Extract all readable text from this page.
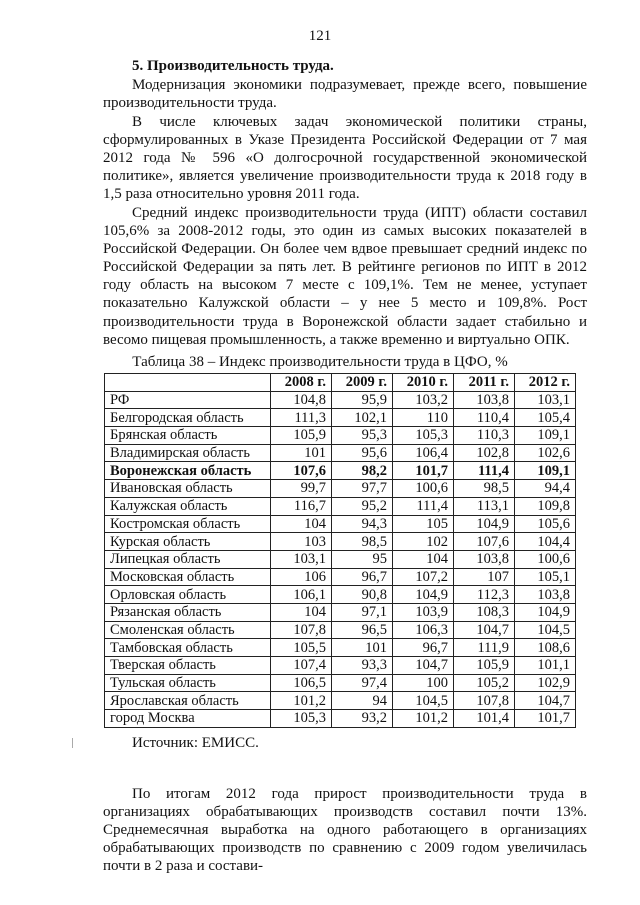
121
5. Производительность труда.

Модернизация экономики подразумевает, прежде всего, повышение производительности труда.

В числе ключевых задач экономической политики страны, сформулированных в Указе Президента Российской Федерации от 7 мая 2012 года № 596 «О долгосрочной государственной экономической политике», является увеличение производительности труда к 2018 году в 1,5 раза относительно уровня 2011 года.

Средний индекс производительности труда (ИПТ) области составил 105,6% за 2008-2012 годы, это один из самых высоких показателей в Российской Федерации. Он более чем вдвое превышает средний индекс по Российской Федерации за пять лет. В рейтинге регионов по ИПТ в 2012 году область на высоком 7 месте с 109,1%. Тем не менее, уступает показательно Калужской области – у нее 5 место и 109,8%. Рост производительности труда в Воронежской области задает стабильно и весомо пищевая промышленность, а также временно и виртуально ОПК.

Таблица 38 – Индекс производительности труда в ЦФО, %
	2008 г.	2009 г.	2010 г.	2011 г.	2012 г.
РФ	104,8	95,9	103,2	103,8	103,1
Белгородская область	111,3	102,1	110	110,4	105,4
Брянская область	105,9	95,3	105,3	110,3	109,1
Владимирская область	101	95,6	106,4	102,8	102,6
Воронежская область	107,6	98,2	101,7	111,4	109,1
Ивановская область	99,7	97,7	100,6	98,5	94,4
Калужская область	116,7	95,2	111,4	113,1	109,8
Костромская область	104	94,3	105	104,9	105,6
Курская область	103	98,5	102	107,6	104,4
Липецкая область	103,1	95	104	103,8	100,6
Московская область	106	96,7	107,2	107	105,1
Орловская область	106,1	90,8	104,9	112,3	103,8
Рязанская область	104	97,1	103,9	108,3	104,9
Смоленская область	107,8	96,5	106,3	104,7	104,5
Тамбовская область	105,5	101	96,7	111,9	108,6
Тверская область	107,4	93,3	104,7	105,9	101,1
Тульская область	106,5	97,4	100	105,2	102,9
Ярославская область	101,2	94	104,5	107,8	104,7
город Москва	105,3	93,2	101,2	101,4	101,7
Источник: ЕМИСС.

По итогам 2012 года прирост производительности труда в организациях обрабатывающих производств составил почти 13%. Среднемесячная выработка на одного работающего в организациях обрабатывающих производств по сравнению с 2009 годом увеличилась почти в 2 раза и состави-
